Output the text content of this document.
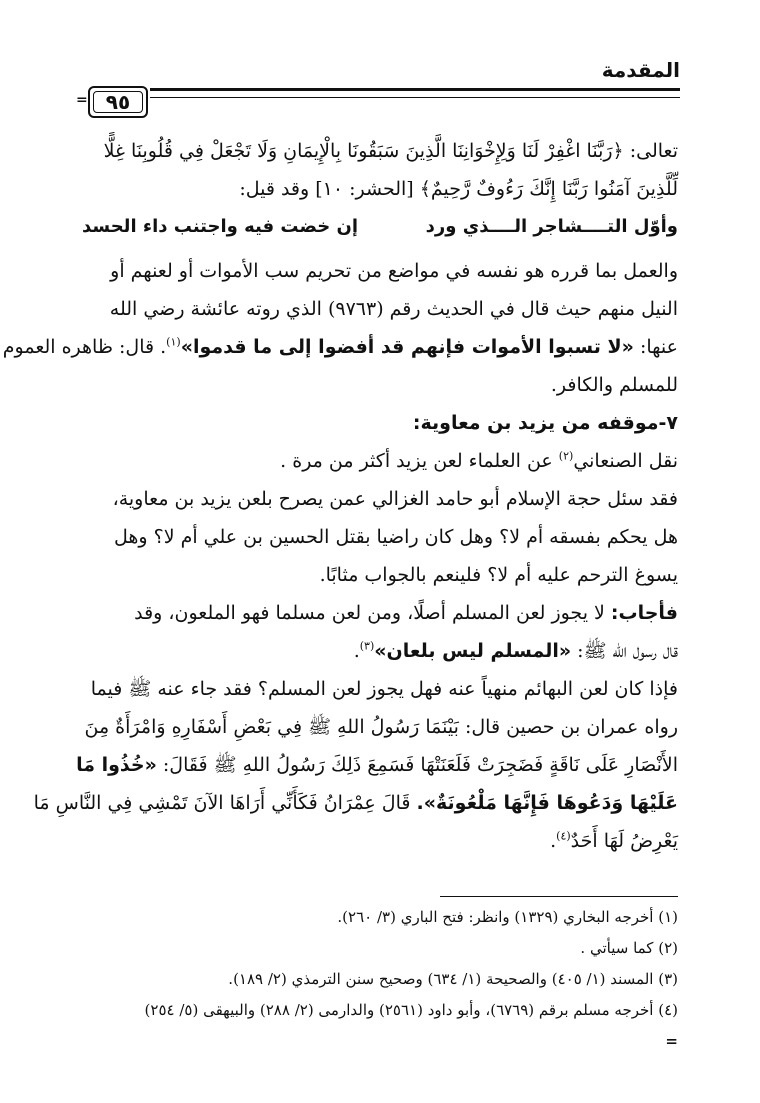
المقدمة
= ٩٥
تعالى: ﴿رَبَّنَا اغْفِرْ لَنَا وَلِإِخْوَانِنَا الَّذِينَ سَبَقُونَا بِالْإِيمَانِ وَلَا تَجْعَلْ فِي قُلُوبِنَا غِلًّا
لِّلَّذِينَ آمَنُوا رَبَّنَا إِنَّكَ رَءُوفٌ رَّحِيمٌ﴾ [الحشر: ١٠] وقد قيل:
وأوّل التــــشاجر الــــذي ورد
إن خضت فيه واجتنب داء الحسد
والعمل بما قرره هو نفسه في مواضع من تحريم سب الأموات أو لعنهم أو
النيل منهم حيث قال في الحديث رقم (٩٧٦٣) الذي روته عائشة رضي الله
عنها: «لا تسبوا الأموات فإنهم قد أفضوا إلى ما قدموا»$^{(١)}$. قال: ظاهره العموم
للمسلم والكافر.
٧-موقفه من يزيد بن معاوية:
نقل الصنعاني$^{(٢)}$ عن العلماء لعن يزيد أكثر من مرة .
فقد سئل حجة الإسلام أبو حامد الغزالي عمن يصرح بلعن يزيد بن معاوية،
هل يحكم بفسقه أم لا؟ وهل كان راضيا بقتل الحسين بن علي أم لا؟ وهل
يسوغ الترحم عليه أم لا؟ فلينعم بالجواب مثابًا.
فأجاب: لا يجوز لعن المسلم أصلًا، ومن لعن مسلما فهو الملعون، وقد
قال رسول الله ﷺ: «المسلم ليس بلعان»$^{(٣)}$.
فإذا كان لعن البهائم منهياً عنه فهل يجوز لعن المسلم؟ فقد جاء عنه ﷺ فيما
رواه عمران بن حصين قال: بَيْنَمَا رَسُولُ اللهِ ﷺ فِي بَعْضِ أَسْفَارِهِ وَامْرَأَةٌ مِنَ
الأَنْصَارِ عَلَى نَاقَةٍ فَضَجِرَتْ فَلَعَنَتْهَا فَسَمِعَ ذَلِكَ رَسُولُ اللهِ ﷺ فَقَالَ: «خُذُوا مَا
عَلَيْهَا وَدَعُوهَا فَإِنَّهَا مَلْعُونَةٌ». قَالَ عِمْرَانُ فَكَأَنِّي أَرَاهَا الآنَ تَمْشِي فِي النَّاسِ مَا
يَعْرِضُ لَهَا أَحَدٌ$^{(٤)}$.
(١) أخرجه البخاري (١٣٢٩) وانظر: فتح الباري (٣/ ٢٦٠).
(٢) كما سيأتي .
(٣) المسند (١/ ٤٠٥) والصحيحة (١/ ٦٣٤) وصحيح سنن الترمذي (٢/ ١٨٩).
(٤) أخرجه مسلم برقم (٦٧٦٩)، وأبو داود (٢٥٦١) والدارمى (٢/ ٢٨٨) والبيهقى (٥/ ٢٥٤)
=
